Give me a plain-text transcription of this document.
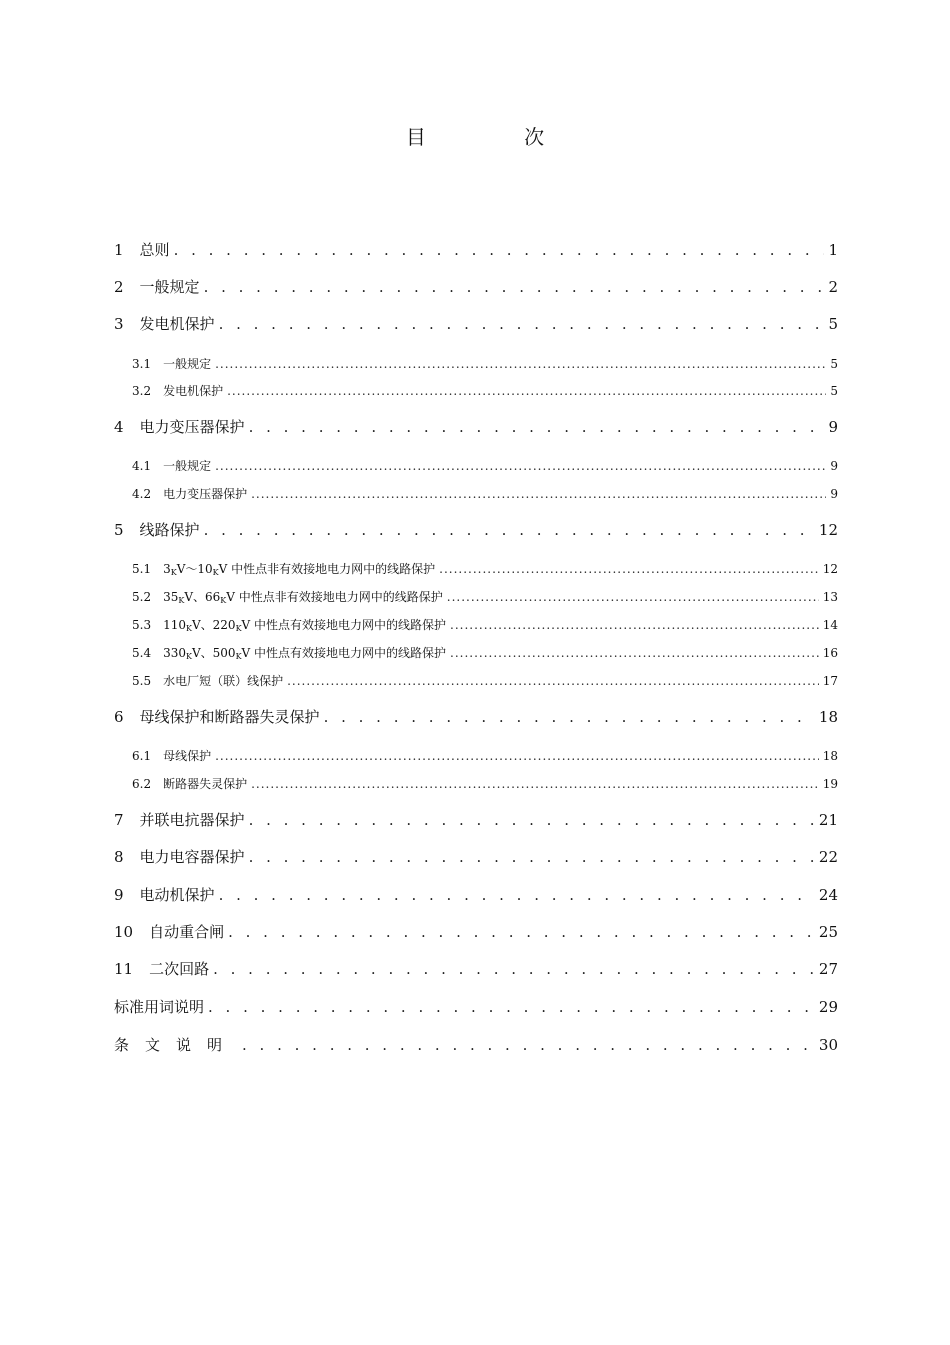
目 次
1	总则 . . .	1
2	一般规定 . . .	2
3	发电机保护 . . .	5
3.1	一般规定 .....	5
3.2	发电机保护 .....	5
4	电力变压器保护 . . .	9
4.1	一般规定 .....	9
4.2	电力变压器保护 .....	9
5	线路保护 . . .	12
5.1	$3_KV\sim 10_KV$ 中性点非有效接地电力网中的线路保护 .....	12
5.2	$35_KV$、$66_KV$ 中性点非有效接地电力网中的线路保护 .....	13
5.3	$110_KV$、$220_KV$ 中性点有效接地电力网中的线路保护 .....	14
5.4	$330_KV$、$500_KV$ 中性点有效接地电力网中的线路保护 .....	16
5.5	水电厂短（联）线保护 .....	17
6	母线保护和断路器失灵保护 . . .	18
6.1	母线保护 .....	18
6.2	断路器失灵保护 .....	19
7	并联电抗器保护 . . .	21
8	电力电容器保护 . . .	22
9	电动机保护 . . .	24
10	自动重合闸 . . .	25
11	二次回路 . . .	27
标准用词说明 . . .	29
条文说明 . . .	30
